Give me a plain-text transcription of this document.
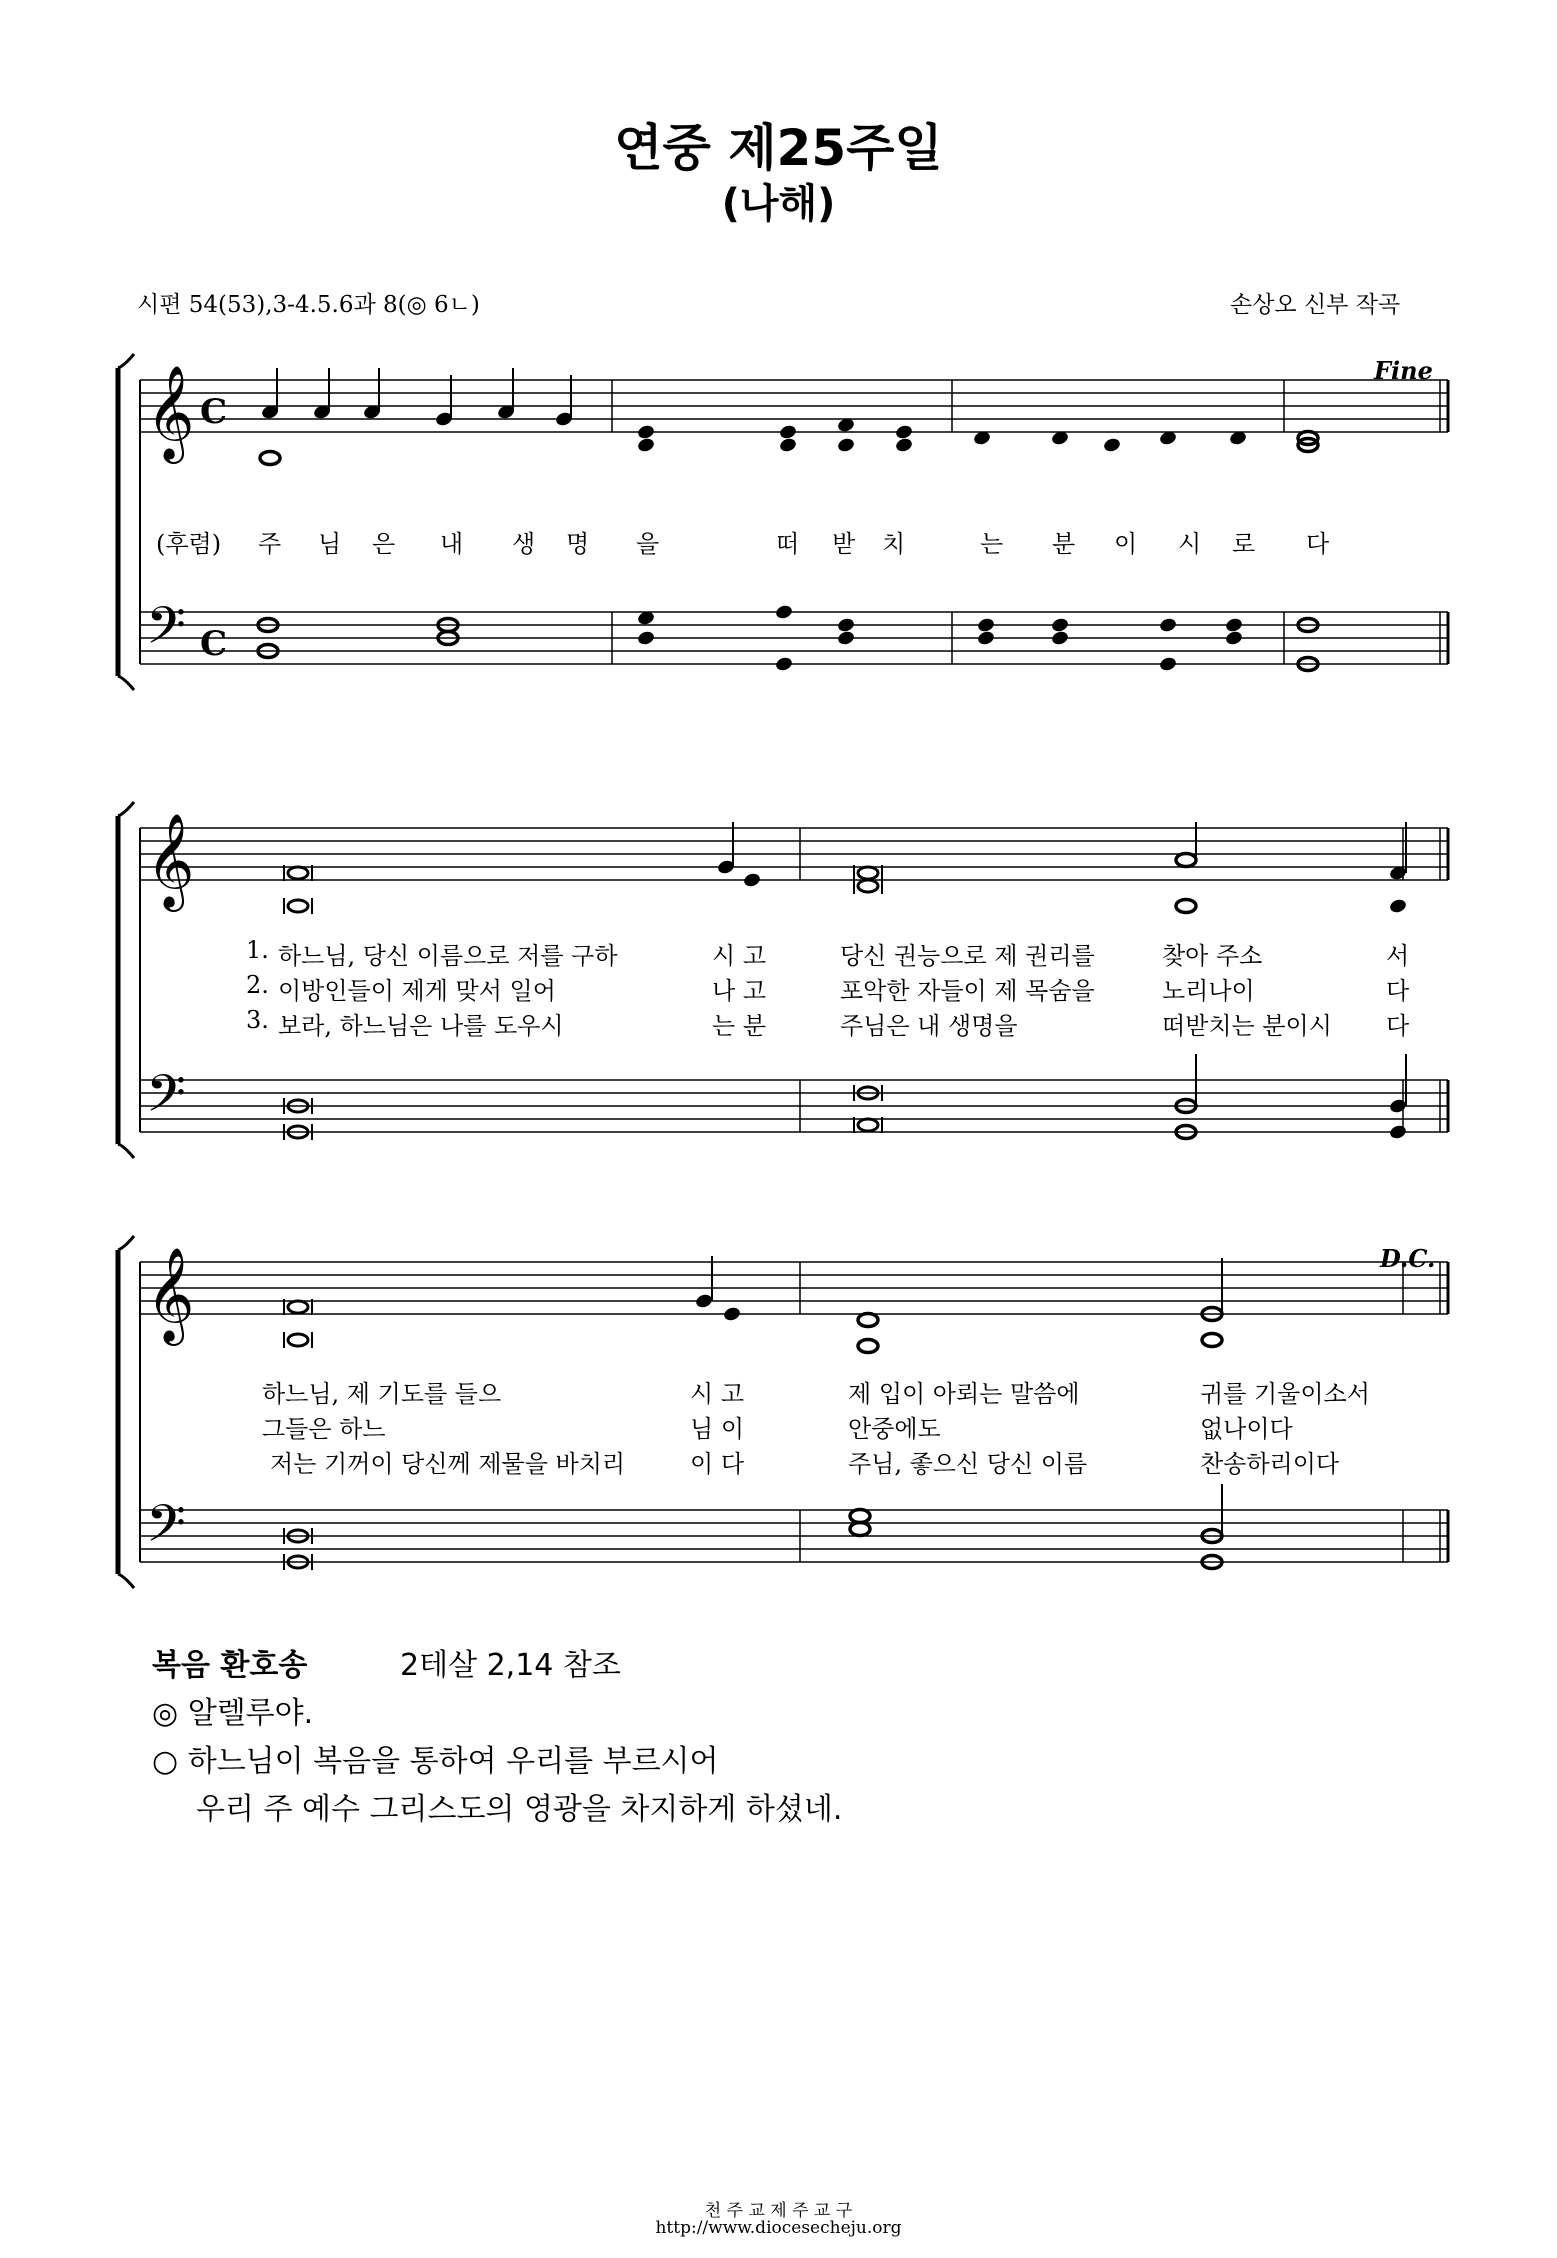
연중 제25주일
(나해)
시편 54(53),3-4.5.6과 8(◎ 6ㄴ)	손상오 신부 작곡
𝄞
𝄢
C
C
𝄞
𝄢
𝄞
𝄢
Fine
D.C.
(후렴) 주 님 은 내 생 명 을	떠 받 치	는 분 이 시 로 다
1. 하느님, 당신 이름으로 저를 구하	시 고	당신 권능으로 제 권리를	찾아 주소	서
2. 이방인들이 제게 맞서 일어	나 고	포악한 자들이 제 목숨을	노리나이	다
3. 보라, 하느님은 나를 도우시	는 분	주님은 내 생명을	떠받치는 분이시 다
하느님, 제 기도를 들으	시 고	제 입이 아뢰는 말씀에	귀를 기울이소서
그들은 하느	님 이	안중에도	없나이다
저는 기꺼이 당신께 제물을 바치리	이 다	주님, 좋으신 당신 이름	찬송하리이다
복음 환호송	2테살 2,14 참조
◎ 알렐루야.
○ 하느님이 복음을 통하여 우리를 부르시어
우리 주 예수 그리스도의 영광을 차지하게 하셨네.
천 주 교 제 주 교 구
http://www.diocesecheju.org
